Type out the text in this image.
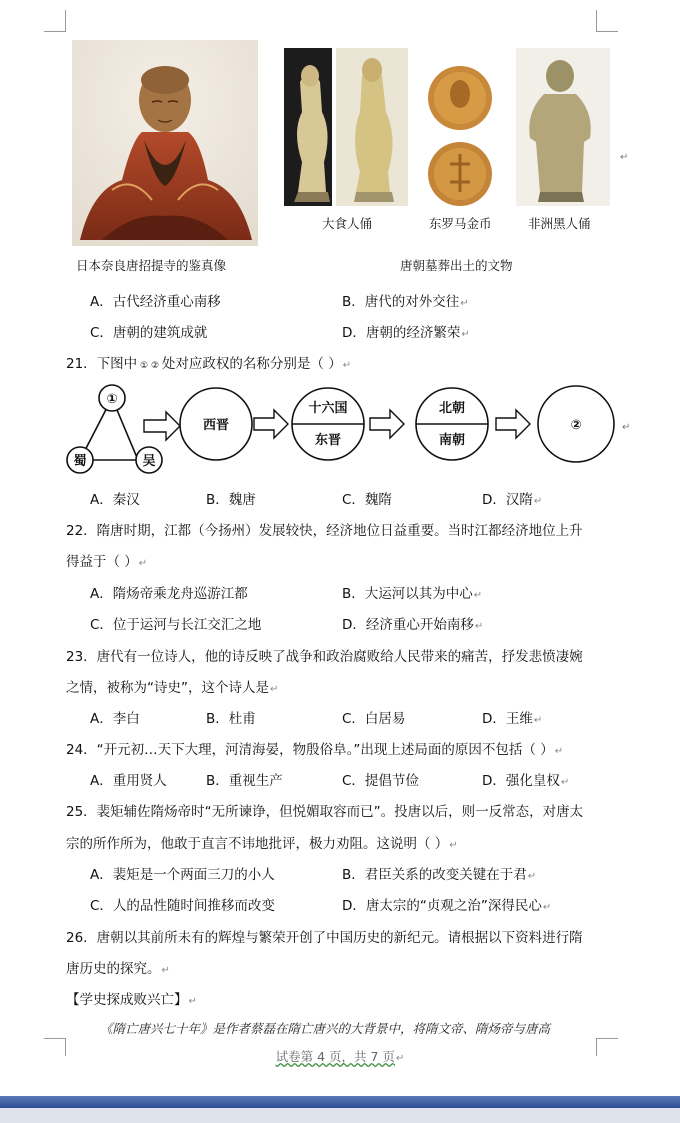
日本奈良唐招提寺的鉴真像
大食人俑	东罗马金币	非洲黑人俑
↵
唐朝墓葬出土的文物
A．古代经济重心南移	B．唐代的对外交往↵
C．唐朝的建筑成就	D．唐朝的经济繁荣↵
21．下图中 ① ② 处对应政权的名称分别是（ ）↵
①
蜀	吴
西晋
十六国
东晋
北朝
南朝
②	↵
A．秦汉	B．魏唐	C．魏隋	D．汉隋↵
22．隋唐时期，江都（今扬州）发展较快，经济地位日益重要。当时江都经济地位上升
得益于（ ）↵
A．隋炀帝乘龙舟巡游江都	B．大运河以其为中心↵
C．位于运河与长江交汇之地	D．经济重心开始南移↵
23．唐代有一位诗人，他的诗反映了战争和政治腐败给人民带来的痛苦，抒发悲愤凄婉
之情，被称为“诗史”，这个诗人是↵
A．李白	B．杜甫	C．白居易	D．王维↵
24．“开元初…天下大理，河清海晏，物殷俗阜。”出现上述局面的原因不包括（ ）↵
A．重用贤人	B．重视生产	C．提倡节俭	D．强化皇权↵
25．裴矩辅佐隋炀帝时“无所谏诤，但悦媚取容而已”。投唐以后，则一反常态，对唐太
宗的所作所为，他敢于直言不讳地批评，极力劝阻。这说明（ ）↵
A．裴矩是一个两面三刀的小人	B．君臣关系的改变关键在于君↵
C．人的品性随时间推移而改变	D．唐太宗的“贞观之治”深得民心↵
26．唐朝以其前所未有的辉煌与繁荣开创了中国历史的新纪元。请根据以下资料进行隋
唐历史的探究。↵
【学史探成败兴亡】↵
《隋亡唐兴七十年》是作者蔡磊在隋亡唐兴的大背景中，将隋文帝、隋炀帝与唐高
试卷第 4 页，共 7 页↵
